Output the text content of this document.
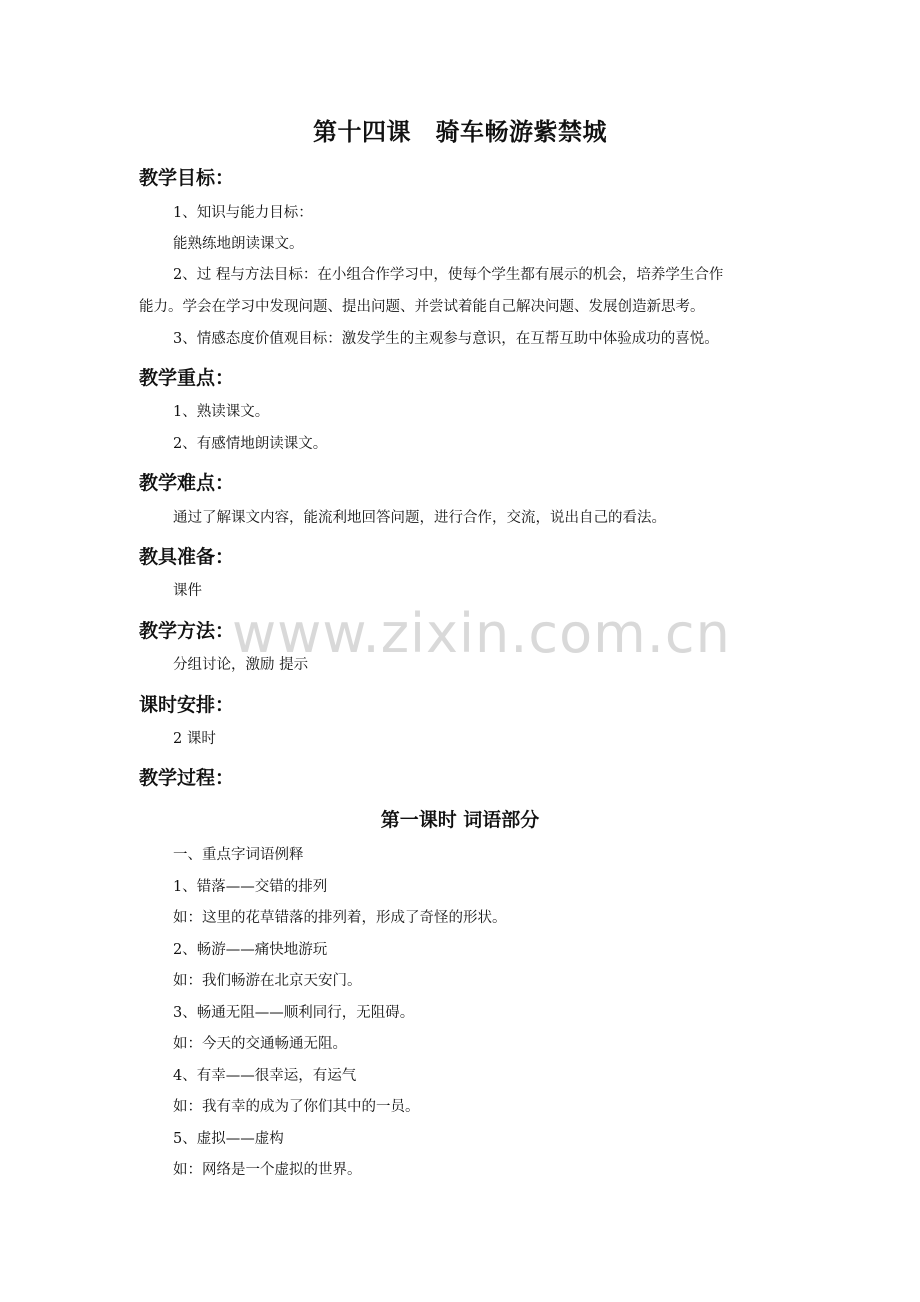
www.zixin.com.cn
第十四课　骑车畅游紫禁城
教学目标：
1、知识与能力目标：
能熟练地朗读课文。
2、过 程与方法目标：在小组合作学习中，使每个学生都有展示的机会，培养学生合作
能力。学会在学习中发现问题、提出问题、并尝试着能自己解决问题、发展创造新思考。
3、情感态度价值观目标：激发学生的主观参与意识，在互帮互助中体验成功的喜悦。
教学重点：
1、熟读课文。
2、有感情地朗读课文。
教学难点：
通过了解课文内容，能流利地回答问题，进行合作，交流，说出自己的看法。
教具准备：
课件
教学方法：
分组讨论，激励 提示
课时安排：
2 课时
教学过程：
第一课时 词语部分
一、重点字词语例释
1、错落——交错的排列
如：这里的花草错落的排列着，形成了奇怪的形状。
2、畅游——痛快地游玩
如：我们畅游在北京天安门。
3、畅通无阻——顺利同行，无阻碍。
如：今天的交通畅通无阻。
4、有幸——很幸运，有运气
如：我有幸的成为了你们其中的一员。
5、虚拟——虚构
如：网络是一个虚拟的世界。
